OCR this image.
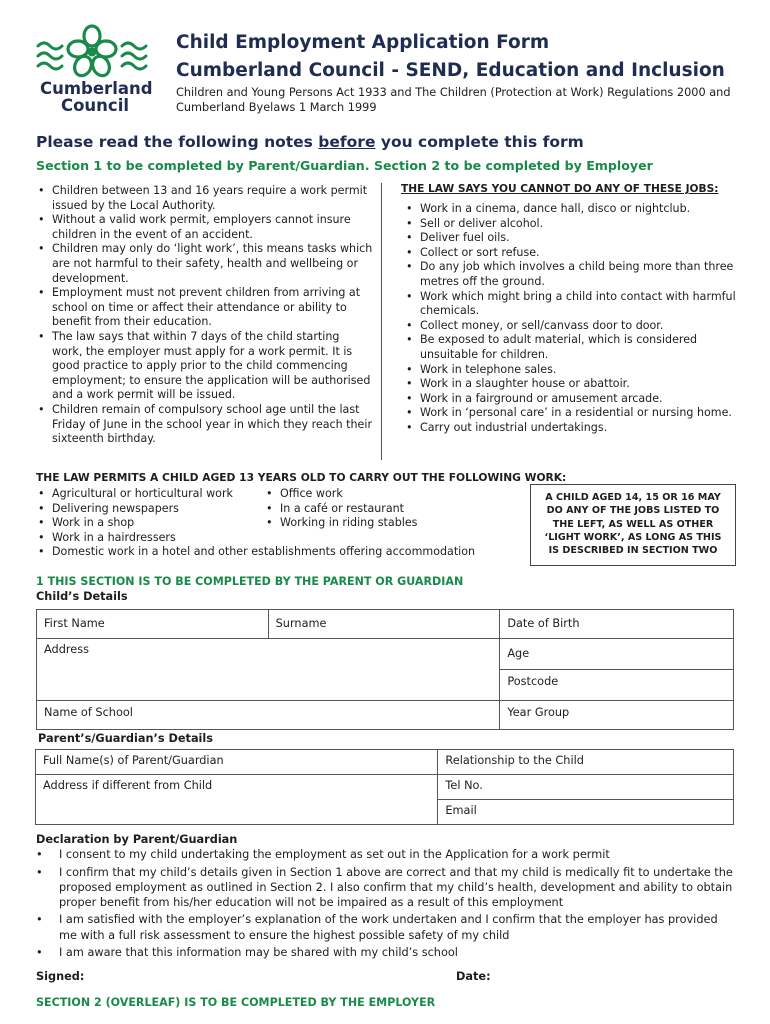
Cumberland
Council
Child Employment Application Form
Cumberland Council - SEND, Education and Inclusion
Children and Young Persons Act 1933 and The Children (Protection at Work) Regulations 2000 and Cumberland Byelaws 1 March 1999
Please read the following notes before you complete this form
Section 1 to be completed by Parent/Guardian. Section 2 to be completed by Employer
• Children between 13 and 16 years require a work permit issued by the Local Authority.
• Without a valid work permit, employers cannot insure children in the event of an accident.
• Children may only do ‘light work’, this means tasks which are not harmful to their safety, health and wellbeing or development.
• Employment must not prevent children from arriving at school on time or affect their attendance or ability to benefit from their education.
• The law says that within 7 days of the child starting work, the employer must apply for a work permit. It is good practice to apply prior to the child commencing employment; to ensure the application will be authorised and a work permit will be issued.
• Children remain of compulsory school age until the last Friday of June in the school year in which they reach their sixteenth birthday.
THE LAW SAYS YOU CANNOT DO ANY OF THESE JOBS:
• Work in a cinema, dance hall, disco or nightclub.
• Sell or deliver alcohol.
• Deliver fuel oils.
• Collect or sort refuse.
• Do any job which involves a child being more than three metres off the ground.
• Work which might bring a child into contact with harmful chemicals.
• Collect money, or sell/canvass door to door.
• Be exposed to adult material, which is considered unsuitable for children.
• Work in telephone sales.
• Work in a slaughter house or abattoir.
• Work in a fairground or amusement arcade.
• Work in ‘personal care’ in a residential or nursing home.
• Carry out industrial undertakings.
THE LAW PERMITS A CHILD AGED 13 YEARS OLD TO CARRY OUT THE FOLLOWING WORK:
• Agricultural or horticultural work
• Delivering newspapers
• Work in a shop
• Work in a hairdressers
• Domestic work in a hotel and other establishments offering accommodation
• Office work
• In a café or restaurant
• Working in riding stables
A CHILD AGED 14, 15 OR 16 MAY DO ANY OF THE JOBS LISTED TO THE LEFT, AS WELL AS OTHER ‘LIGHT WORK’, AS LONG AS THIS IS DESCRIBED IN SECTION TWO
1 THIS SECTION IS TO BE COMPLETED BY THE PARENT OR GUARDIAN
Child’s Details
First Name	Surname	Date of Birth
Address		Age
		Postcode
Name of School		Year Group
Parent’s/Guardian’s Details
Full Name(s) of Parent/Guardian	Relationship to the Child
Address if different from Child	Tel No.
	Email
Declaration by Parent/Guardian
• I consent to my child undertaking the employment as set out in the Application for a work permit
• I confirm that my child’s details given in Section 1 above are correct and that my child is medically fit to undertake the proposed employment as outlined in Section 2. I also confirm that my child’s health, development and ability to obtain proper benefit from his/her education will not be impaired as a result of this employment
• I am satisfied with the employer’s explanation of the work undertaken and I confirm that the employer has provided me with a full risk assessment to ensure the highest possible safety of my child
• I am aware that this information may be shared with my child’s school
Signed:	Date:
SECTION 2 (OVERLEAF) IS TO BE COMPLETED BY THE EMPLOYER
